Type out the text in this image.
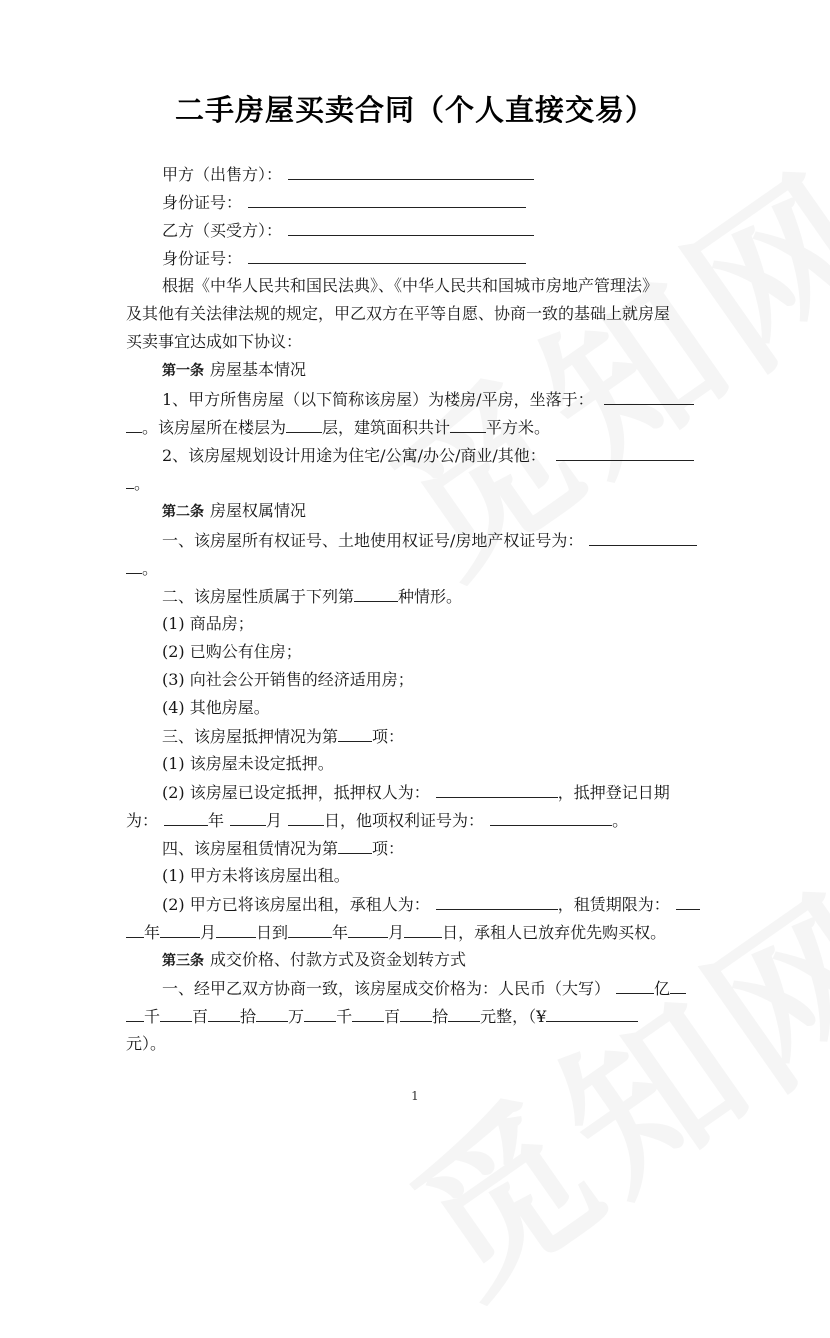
二手房屋买卖合同（个人直接交易）
甲方（出售方）：
身份证号：
乙方（买受方）：
身份证号：
根据《中华人民共和国民法典》、《中华人民共和国城市房地产管理法》
及其他有关法律法规的规定，甲乙双方在平等自愿、协商一致的基础上就房屋
买卖事宜达成如下协议：
第一条 房屋基本情况
1、甲方所售房屋（以下简称该房屋）为楼房/平房，坐落于：
。该房屋所在楼层为 层，建筑面积共计 平方米。
2、该房屋规划设计用途为住宅/公寓/办公/商业/其他：
。
第二条 房屋权属情况
一、该房屋所有权证号、土地使用权证号/房地产权证号为：
。
二、该房屋性质属于下列第	种情形。
(1) 商品房；
(2) 已购公有住房；
(3) 向社会公开销售的经济适用房；
(4) 其他房屋。
三、该房屋抵押情况为第 项：
(1) 该房屋未设定抵押。
(2) 该房屋已设定抵押，抵押权人为：	，抵押登记日期
为：	年	月	日，他项权利证号为：	。
四、该房屋租赁情况为第 项：
(1) 甲方未将该房屋出租。
(2) 甲方已将该房屋出租，承租人为：	，租赁期限为：
年	月	日到	年	月 日，承租人已放弃优先购买权。
第三条 成交价格、付款方式及资金划转方式
一、经甲乙双方协商一致，该房屋成交价格为：人民币（大写）	亿
千 百 拾 万 千 百 拾 元整，（¥
元）。
1
